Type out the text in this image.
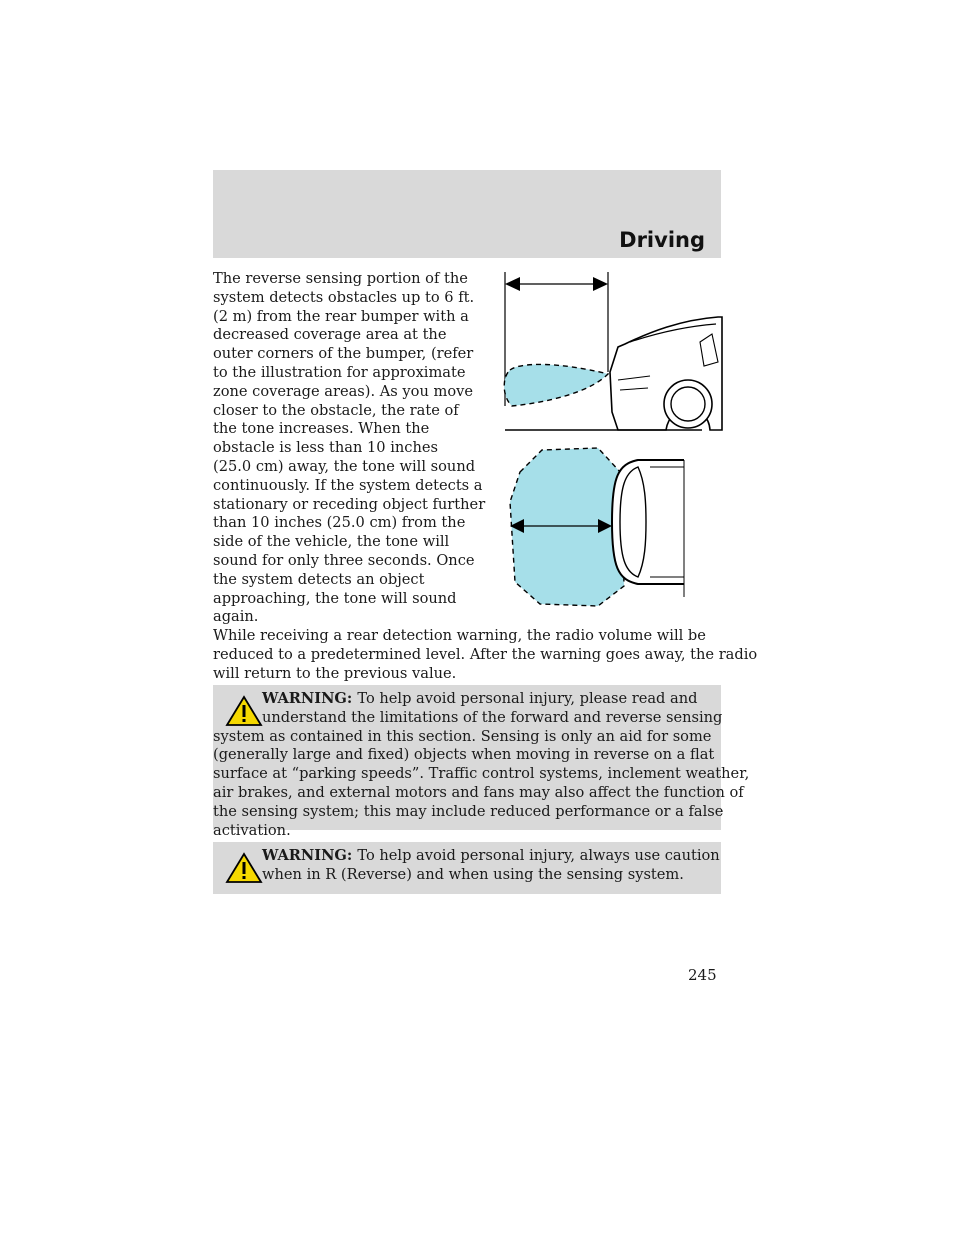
Driving

The reverse sensing portion of the
system detects obstacles up to 6 ft.
(2 m) from the rear bumper with a
decreased coverage area at the
outer corners of the bumper, (refer
to the illustration for approximate
zone coverage areas). As you move
closer to the obstacle, the rate of
the tone increases. When the
obstacle is less than 10 inches
(25.0 cm) away, the tone will sound
continuously. If the system detects a
stationary or receding object further
than 10 inches (25.0 cm) from the
side of the vehicle, the tone will
sound for only three seconds. Once
the system detects an object
approaching, the tone will sound
again.

While receiving a rear detection warning, the radio volume will be
reduced to a predetermined level. After the warning goes away, the radio
will return to the previous value.

WARNING: To help avoid personal injury, please read and
understand the limitations of the forward and reverse sensing
system as contained in this section. Sensing is only an aid for some
(generally large and fixed) objects when moving in reverse on a flat
surface at “parking speeds”. Traffic control systems, inclement weather,
air brakes, and external motors and fans may also affect the function of
the sensing system; this may include reduced performance or a false
activation.

WARNING: To help avoid personal injury, always use caution
when in R (Reverse) and when using the sensing system.

245
